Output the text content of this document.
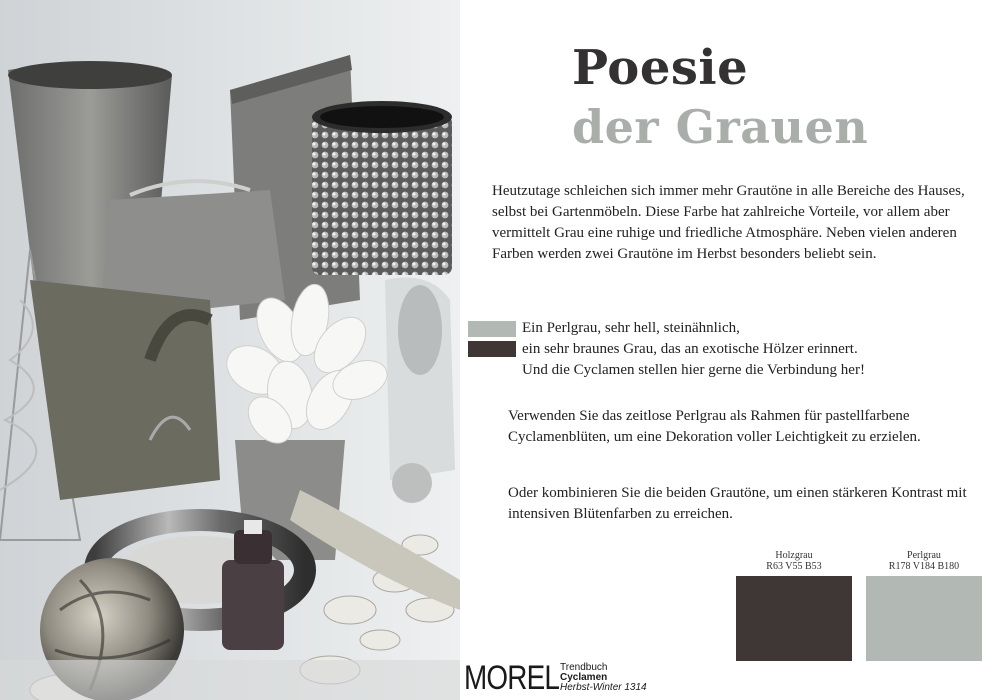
Poesie
der Grauen
Heutzutage schleichen sich immer mehr Grautöne in alle Bereiche des Hauses, selbst bei Gartenmöbeln. Diese Farbe hat zahlreiche Vorteile, vor allem aber vermittelt Grau eine ruhige und friedliche Atmosphäre. Neben vielen anderen Farben werden zwei Grautöne im Herbst besonders beliebt sein.
Ein Perlgrau, sehr hell, steinähnlich,
ein sehr braunes Grau, das an exotische Hölzer erinnert.
Und die Cyclamen stellen hier gerne die Verbindung her!
Verwenden Sie das zeitlose Perlgrau als Rahmen für pastellfarbene Cyclamenblüten, um eine Dekoration voller Leichtigkeit zu erzielen.
Oder kombinieren Sie die beiden Grautöne, um einen stärkeren Kontrast mit intensiven Blütenfarben zu erreichen.
Holzgrau
R63 V55 B53
Perlgrau
R178 V184 B180
MOREL Trendbuch
Cyclamen
Herbst-Winter 1314
